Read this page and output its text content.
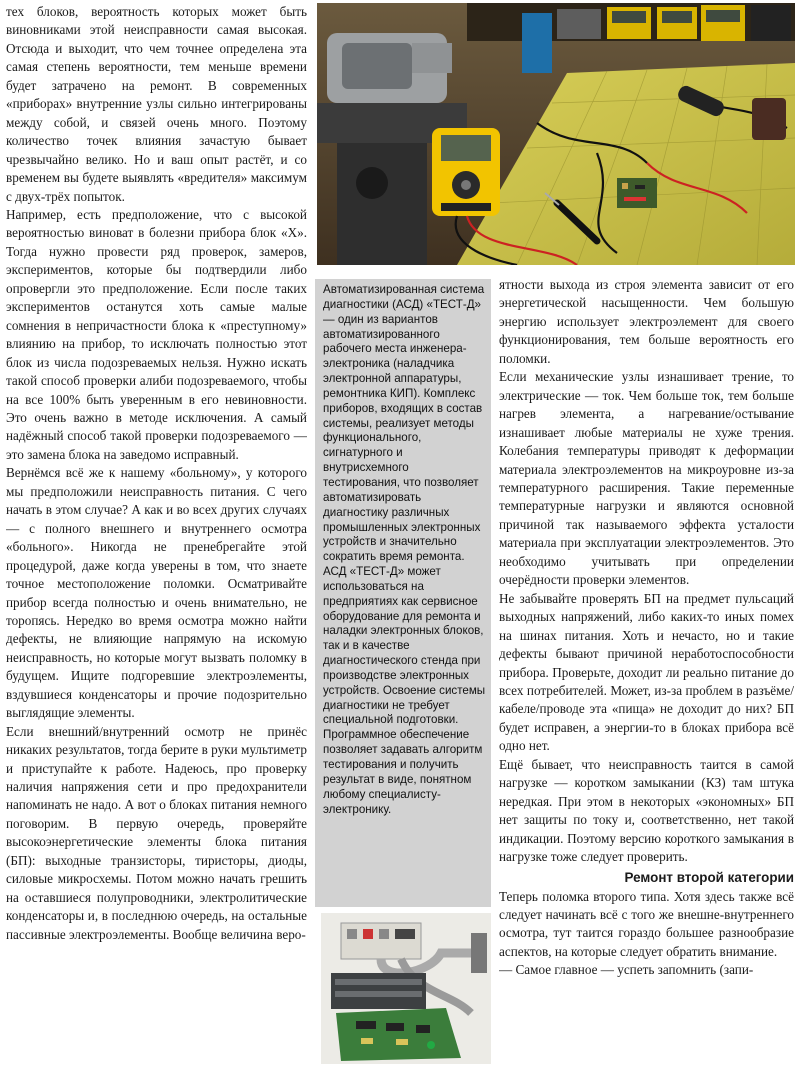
тех блоков, вероятность которых может быть виновниками этой неисправности самая высокая. Отсюда и выходит, что чем точнее определена эта самая степень вероятности, тем меньше времени будет затрачено на ремонт. В современных «приборах» внутренние узлы сильно интегрированы между собой, и связей очень много. Поэтому количество точек влияния зачастую бывает чрезвычайно велико. Но и ваш опыт растёт, и со временем вы будете выявлять «вредителя» максимум с двух-трёх попыток.

Например, есть предположение, что с высокой вероятностью виноват в болезни прибора блок «Х». Тогда нужно провести ряд проверок, замеров, экспериментов, которые бы подтвердили либо опровергли это предположение. Если после таких экспериментов останутся хоть самые малые сомнения в непричастности блока к «преступному» влиянию на прибор, то исключать полностью этот блок из числа подозреваемых нельзя. Нужно искать такой способ проверки алиби подозреваемого, чтобы на все 100% быть уверенным в его невиновности. Это очень важно в методе исключения. А самый надёжный способ такой проверки подозреваемого — это замена блока на заведомо исправный.

Вернёмся всё же к нашему «больному», у которого мы предположили неисправность питания. С чего начать в этом случае? А как и во всех других случаях — с полного внешнего и внутреннего осмотра «больного». Никогда не пренебрегайте этой процедурой, даже когда уверены в том, что знаете точное местоположение поломки. Осматривайте прибор всегда полностью и очень внимательно, не торопясь. Нередко во время осмотра можно найти дефекты, не влияющие напрямую на искомую неисправность, но которые могут вызвать поломку в будущем. Ищите подгоревшие электроэлементы, вздувшиеся конденсаторы и прочие подозрительно выглядящие элементы.

Если внешний/внутренний осмотр не принёс никаких результатов, тогда берите в руки мультиметр и приступайте к работе. Надеюсь, про проверку наличия напряжения сети и про предохранители напоминать не надо. А вот о блоках питания немного поговорим. В первую очередь, проверяйте высокоэнергетические элементы блока питания (БП): выходные транзисторы, тиристоры, диоды, силовые микросхемы. Потом можно начать грешить на оставшиеся полупроводники, электролитические конденсаторы и, в последнюю очередь, на остальные пассивные электроэлементы. Вообще величина веро-

Автоматизированная система диагностики (АСД) «ТЕСТ-Д» — один из вариантов автоматизированного рабочего места инженера-электроника (наладчика электронной аппаратуры, ремонтника КИП). Комплекс приборов, входящих в состав системы, реализует методы функционального, сигнатурного и внутрисхемного тестирования, что позволяет автоматизировать диагностику различных промышленных электронных устройств и значительно сократить время ремонта.

АСД «ТЕСТ-Д» может использоваться на предприятиях как сервисное оборудование для ремонта и наладки электронных блоков, так и в качестве диагностического стенда при производстве электронных устройств. Освоение системы диагностики не требует специальной подготовки. Программное обеспечение позволяет задавать алгоритм тестирования и получить результат в виде, понятном любому специалисту-электронику.

ятности выхода из строя элемента зависит от его энергетической насыщенности. Чем большую энергию использует электроэлемент для своего функционирования, тем больше вероятность его поломки.

Если механические узлы изнашивает трение, то электрические — ток. Чем больше ток, тем больше нагрев элемента, а нагревание/остывание изнашивает любые материалы не хуже трения. Колебания температуры приводят к деформации материала электроэлементов на микроуровне из-за температурного расширения. Такие переменные температурные нагрузки и являются основной причиной так называемого эффекта усталости материала при эксплуатации электроэлементов. Это необходимо учитывать при определении очерёдности проверки элементов.

Не забывайте проверять БП на предмет пульсаций выходных напряжений, либо каких-то иных помех на шинах питания. Хоть и нечасто, но и такие дефекты бывают причиной неработоспособности прибора. Проверьте, доходит ли реально питание до всех потребителей. Может, из-за проблем в разъёме/кабеле/проводе эта «пища» не доходит до них? БП будет исправен, а энергии-то в блоках прибора всё одно нет.

Ещё бывает, что неисправность таится в самой нагрузке — коротком замыкании (КЗ) там штука нередкая. При этом в некоторых «экономных» БП нет защиты по току и, соответственно, нет такой индикации. Поэтому версию короткого замыкания в нагрузке тоже следует проверить.

Ремонт второй категории

Теперь поломка второго типа. Хотя здесь также всё следует начинать всё с того же внешне-внутреннего осмотра, тут таится гораздо большее разнообразие аспектов, на которые следует обратить внимание.

— Самое главное — успеть запомнить (запи-
